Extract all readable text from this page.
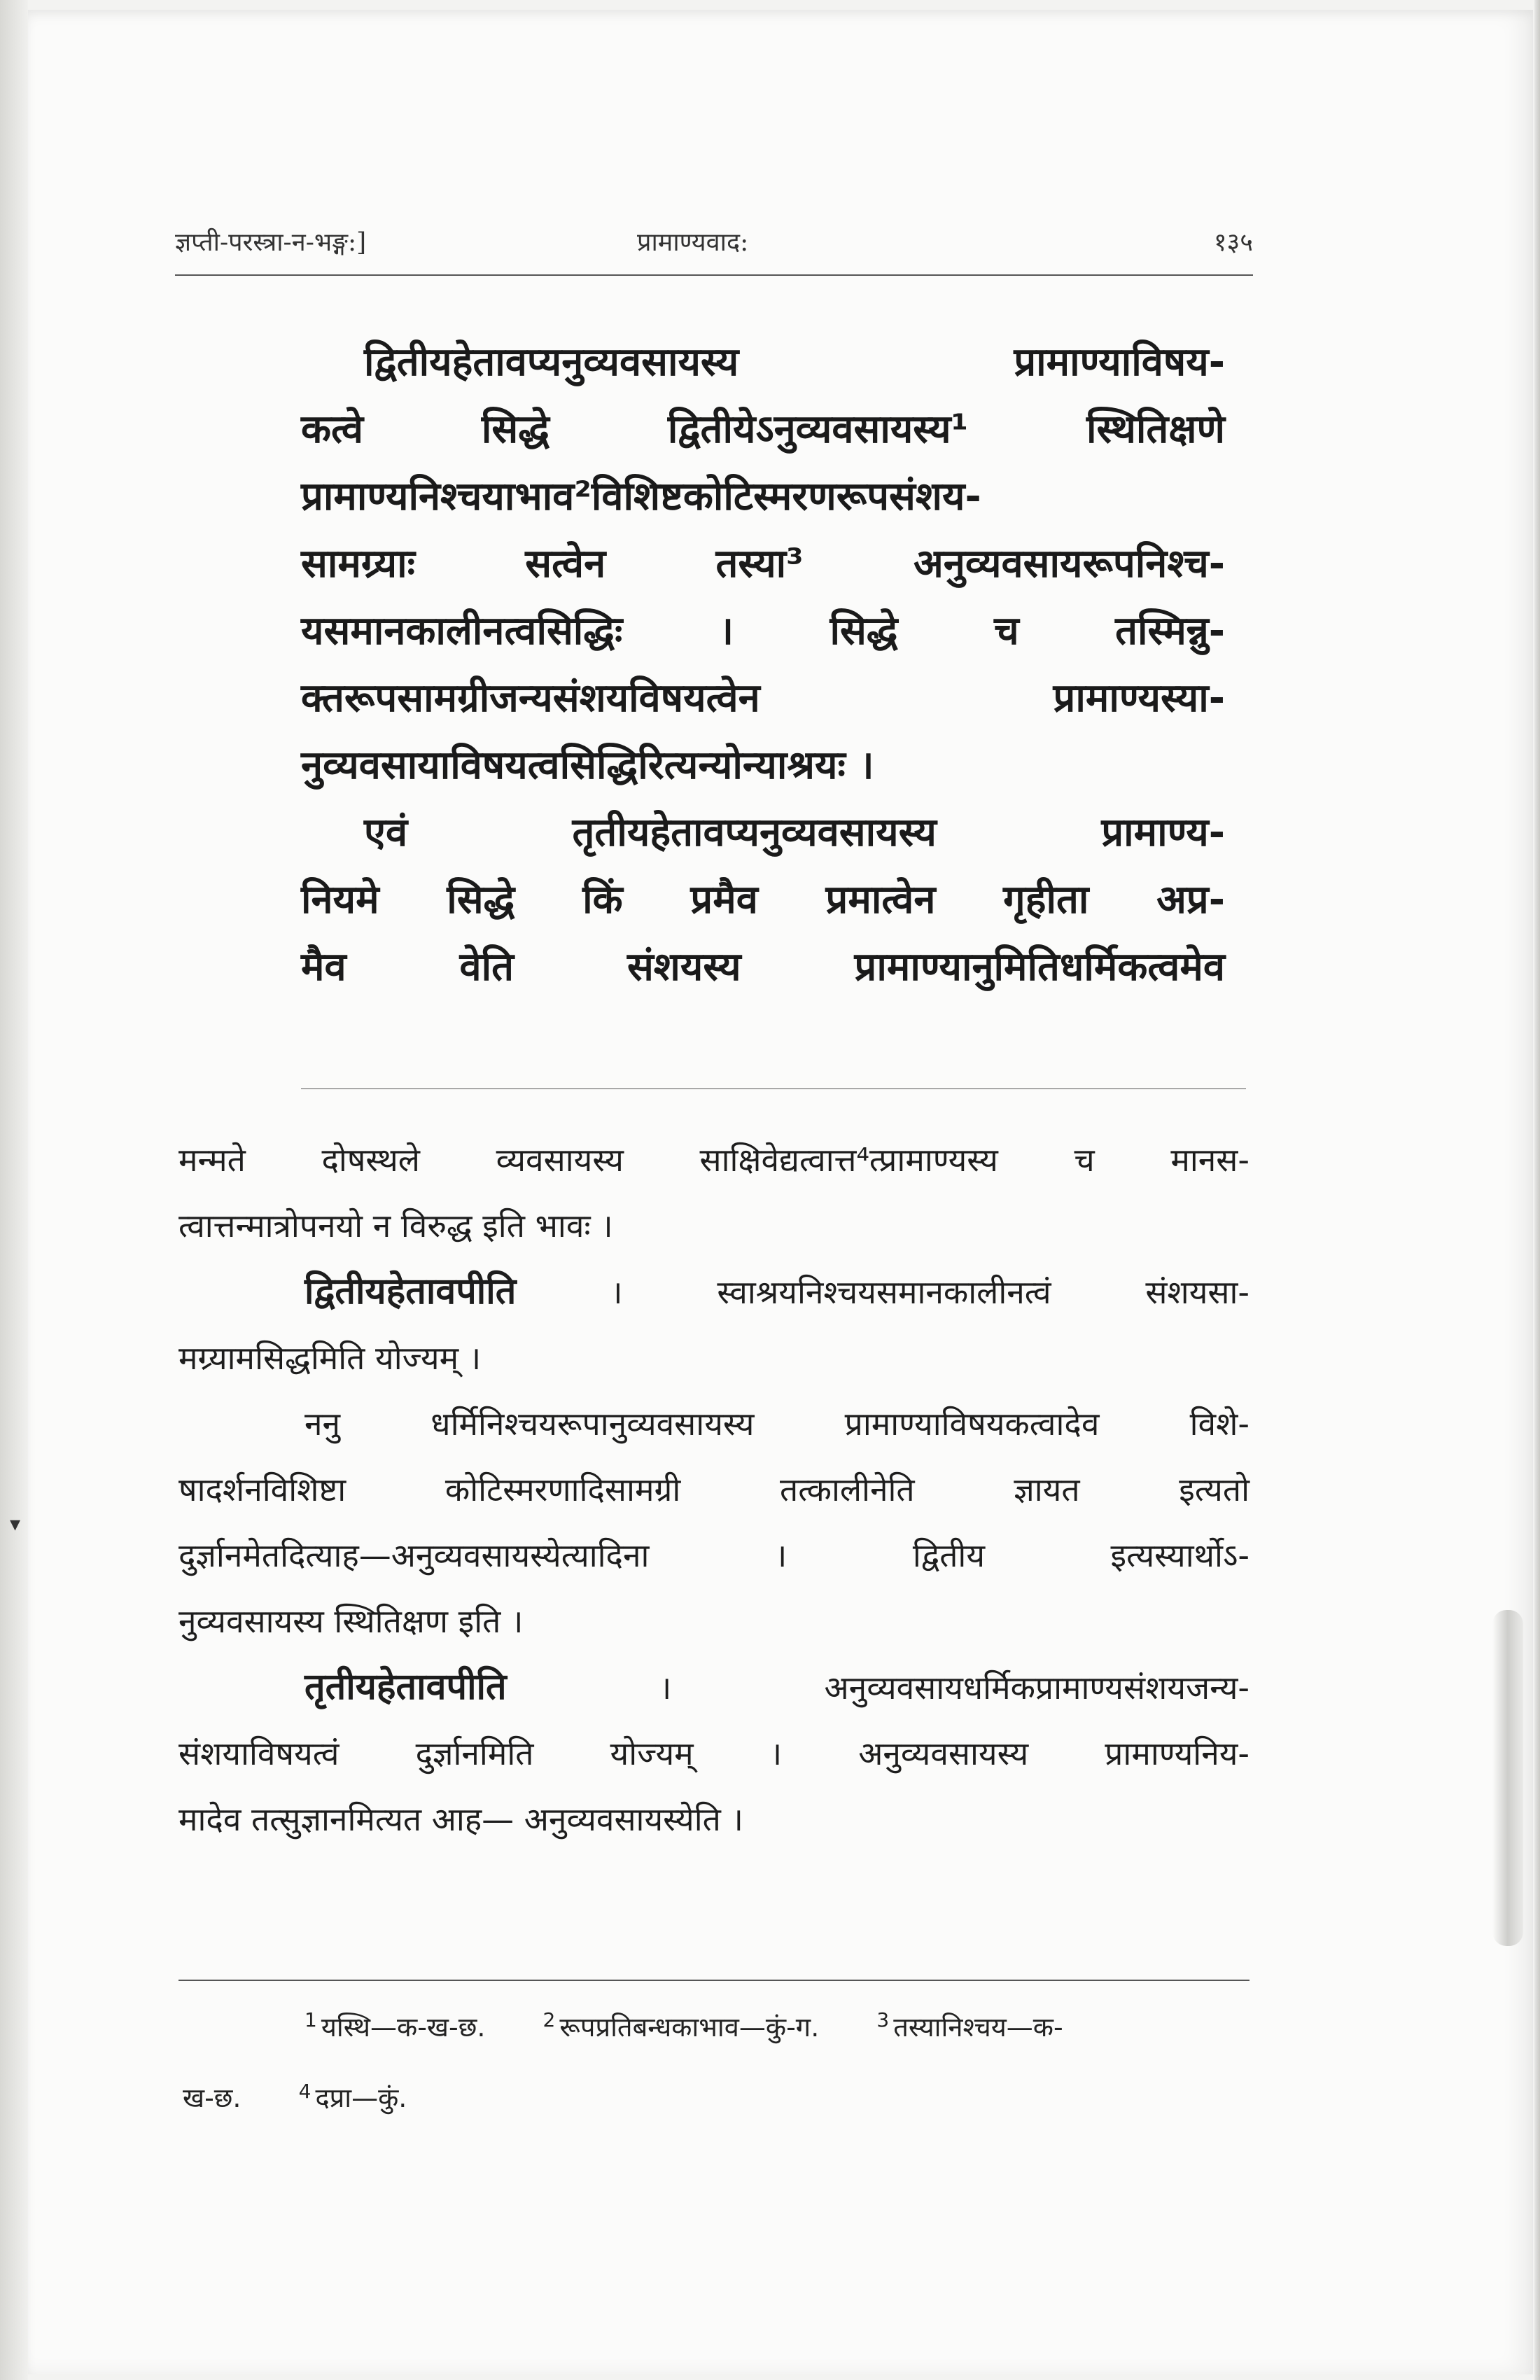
▾
ज्ञप्ती-परस्त्रा-न-भङ्ग:]	प्रामाण्यवाद:	१३५

द्वितीयहेतावप्यनुव्यवसायस्य प्रामाण्याविषय-

कत्वे सिद्धे द्वितीयेऽनुव्यवसायस्य¹ स्थितिक्षणे

प्रामाण्यनिश्चयाभाव²विशिष्टकोटिस्मरणरूपसंशय-

सामग्र्याः सत्वेन तस्या³ अनुव्यवसायरूपनिश्च-

यसमानकालीनत्वसिद्धिः । सिद्धे च तस्मिन्नु-

क्तरूपसामग्रीजन्यसंशयविषयत्वेन प्रामाण्यस्या-

नुव्यवसायाविषयत्वसिद्धिरित्यन्योन्याश्रयः ।

एवं तृतीयहेतावप्यनुव्यवसायस्य प्रामाण्य-

नियमे सिद्धे किं प्रमैव प्रमात्वेन गृहीता अप्र-

मैव वेति संशयस्य प्रामाण्यानुमितिधर्मिकत्वमेव

मन्मते दोषस्थले व्यवसायस्य साक्षिवेद्यत्वात्त⁴त्प्रामाण्यस्य च मानस-

त्वात्तन्मात्रोपनयो न विरुद्ध इति भावः ।

द्वितीयहेतावपीति । स्वाश्रयनिश्चयसमानकालीनत्वं संशयसा-

मग्र्यामसिद्धमिति योज्यम् ।

ननु धर्मिनिश्चयरूपानुव्यवसायस्य प्रामाण्याविषयकत्वादेव विशे-

षादर्शनविशिष्टा कोटिस्मरणादिसामग्री तत्कालीनेति ज्ञायत इत्यतो

दुर्ज्ञानमेतदित्याह—अनुव्यवसायस्येत्यादिना । द्वितीय इत्यस्यार्थोऽ-

नुव्यवसायस्य स्थितिक्षण इति ।

तृतीयहेतावपीति । अनुव्यवसायधर्मिकप्रामाण्यसंशयजन्य-

संशयाविषयत्वं दुर्ज्ञानमिति योज्यम् । अनुव्यवसायस्य प्रामाण्यनिय-

मादेव तत्सुज्ञानमित्यत आह— अनुव्यवसायस्येति ।

$^1$ यस्थि—क-ख-छ.	$^2$ रूपप्रतिबन्धकाभाव—कुं-ग.	$^3$ तस्यानिश्चय—क-
ख-छ.	$^4$ दप्रा—कुं.
